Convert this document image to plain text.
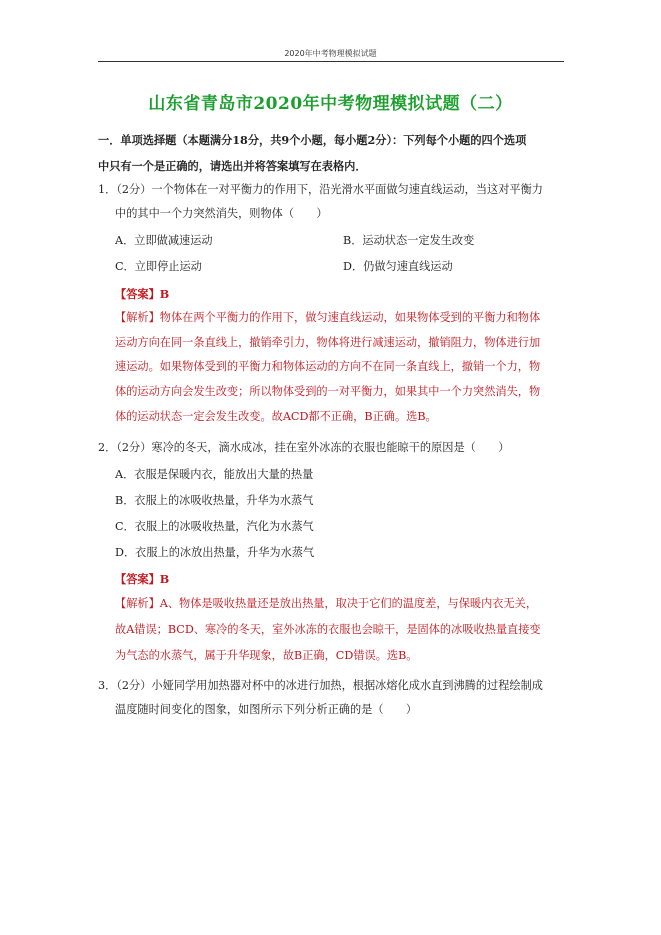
2020年中考物理模拟试题
山东省青岛市2020年中考物理模拟试题（二）
一．单项选择题（本题满分18分，共9个小题，每小题2分）：下列每个小题的四个选项
中只有一个是正确的，请选出并将答案填写在表格内．
1．（2分）一个物体在一对平衡力的作用下，沿光滑水平面做匀速直线运动，当这对平衡力
中的其中一个力突然消失，则物体（　　）
A．立即做减速运动	B．运动状态一定发生改变
C．立即停止运动	D．仍做匀速直线运动
【答案】B
【解析】物体在两个平衡力的作用下，做匀速直线运动，如果物体受到的平衡力和物体
运动方向在同一条直线上，撤销牵引力，物体将进行减速运动，撤销阻力，物体进行加
速运动。如果物体受到的平衡力和物体运动的方向不在同一条直线上，撤销一个力，物
体的运动方向会发生改变；所以物体受到的一对平衡力，如果其中一个力突然消失，物
体的运动状态一定会发生改变。故ACD都不正确，B正确。选B。
2．（2分）寒冷的冬天，滴水成冰，挂在室外冰冻的衣服也能晾干的原因是（　　）
A．衣服是保暖内衣，能放出大量的热量
B．衣服上的冰吸收热量，升华为水蒸气
C．衣服上的冰吸收热量，汽化为水蒸气
D．衣服上的冰放出热量，升华为水蒸气
【答案】B
【解析】A、物体是吸收热量还是放出热量，取决于它们的温度差，与保暖内衣无关，
故A错误；BCD、寒冷的冬天，室外冰冻的衣服也会晾干，是固体的冰吸收热量直接变
为气态的水蒸气，属于升华现象，故B正确，CD错误。选B。
3．（2分）小娅同学用加热器对杯中的冰进行加热，根据冰熔化成水直到沸腾的过程绘制成
温度随时间变化的图象，如图所示下列分析正确的是（　　）
